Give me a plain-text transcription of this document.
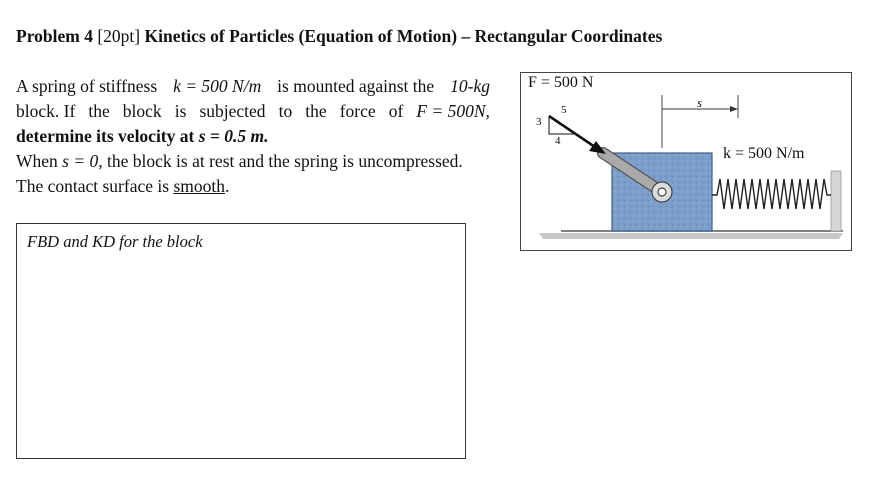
Problem 4 [20pt] Kinetics of Particles (Equation of Motion) – Rectangular Coordinates
A spring of stiffness k = 500 N/m is mounted against the 10-kg
block. If the block is subjected to the force of F = 500N,
determine its velocity at s = 0.5 m.
When s = 0, the block is at rest and the spring is uncompressed.
The contact surface is smooth.
FBD and KD for the block
F = 500 N
5
3
4
s
k = 500 N/m
